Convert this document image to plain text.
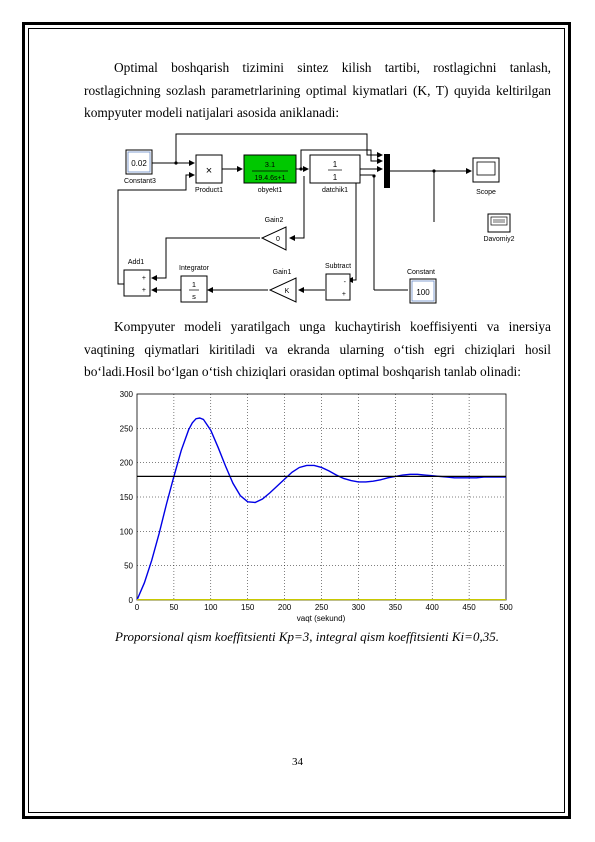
Optimal boshqarish tizimini sintez kilish tartibi, rostlagichni tanlash, rostlagichning sozlash parametrlarining optimal kiymatlari (K, T) quyida keltirilgan kompyuter modeli natijalari asosida aniklanadi:

0.02
Constant3
×
Product1
3.1
19.4.6s+1
obyekt1
1
1
datchik1	Scope
Davomiy2
Gain2
0
Add1
+
+
Integrator
1
s
Gain1
K
Subtract
-
+
Constant
100

Kompyuter modeli yaratilgach unga kuchaytirish koeffisiyenti va inersiya vaqtining qiymatlari kiritiladi va ekranda ularning o‘tish egri chiziqlari hosil bo‘ladi.Hosil bo‘lgan o‘tish chiziqlari orasidan optimal boshqarish tanlab olinadi:

0	50	100	150	200	250	300	350	400	450	500
0
50
100
150
200
250
300
vaqt (sekund)
Proporsional qism koeffitsienti Kp=3, integral qism koeffitsienti Ki=0,35.
34
